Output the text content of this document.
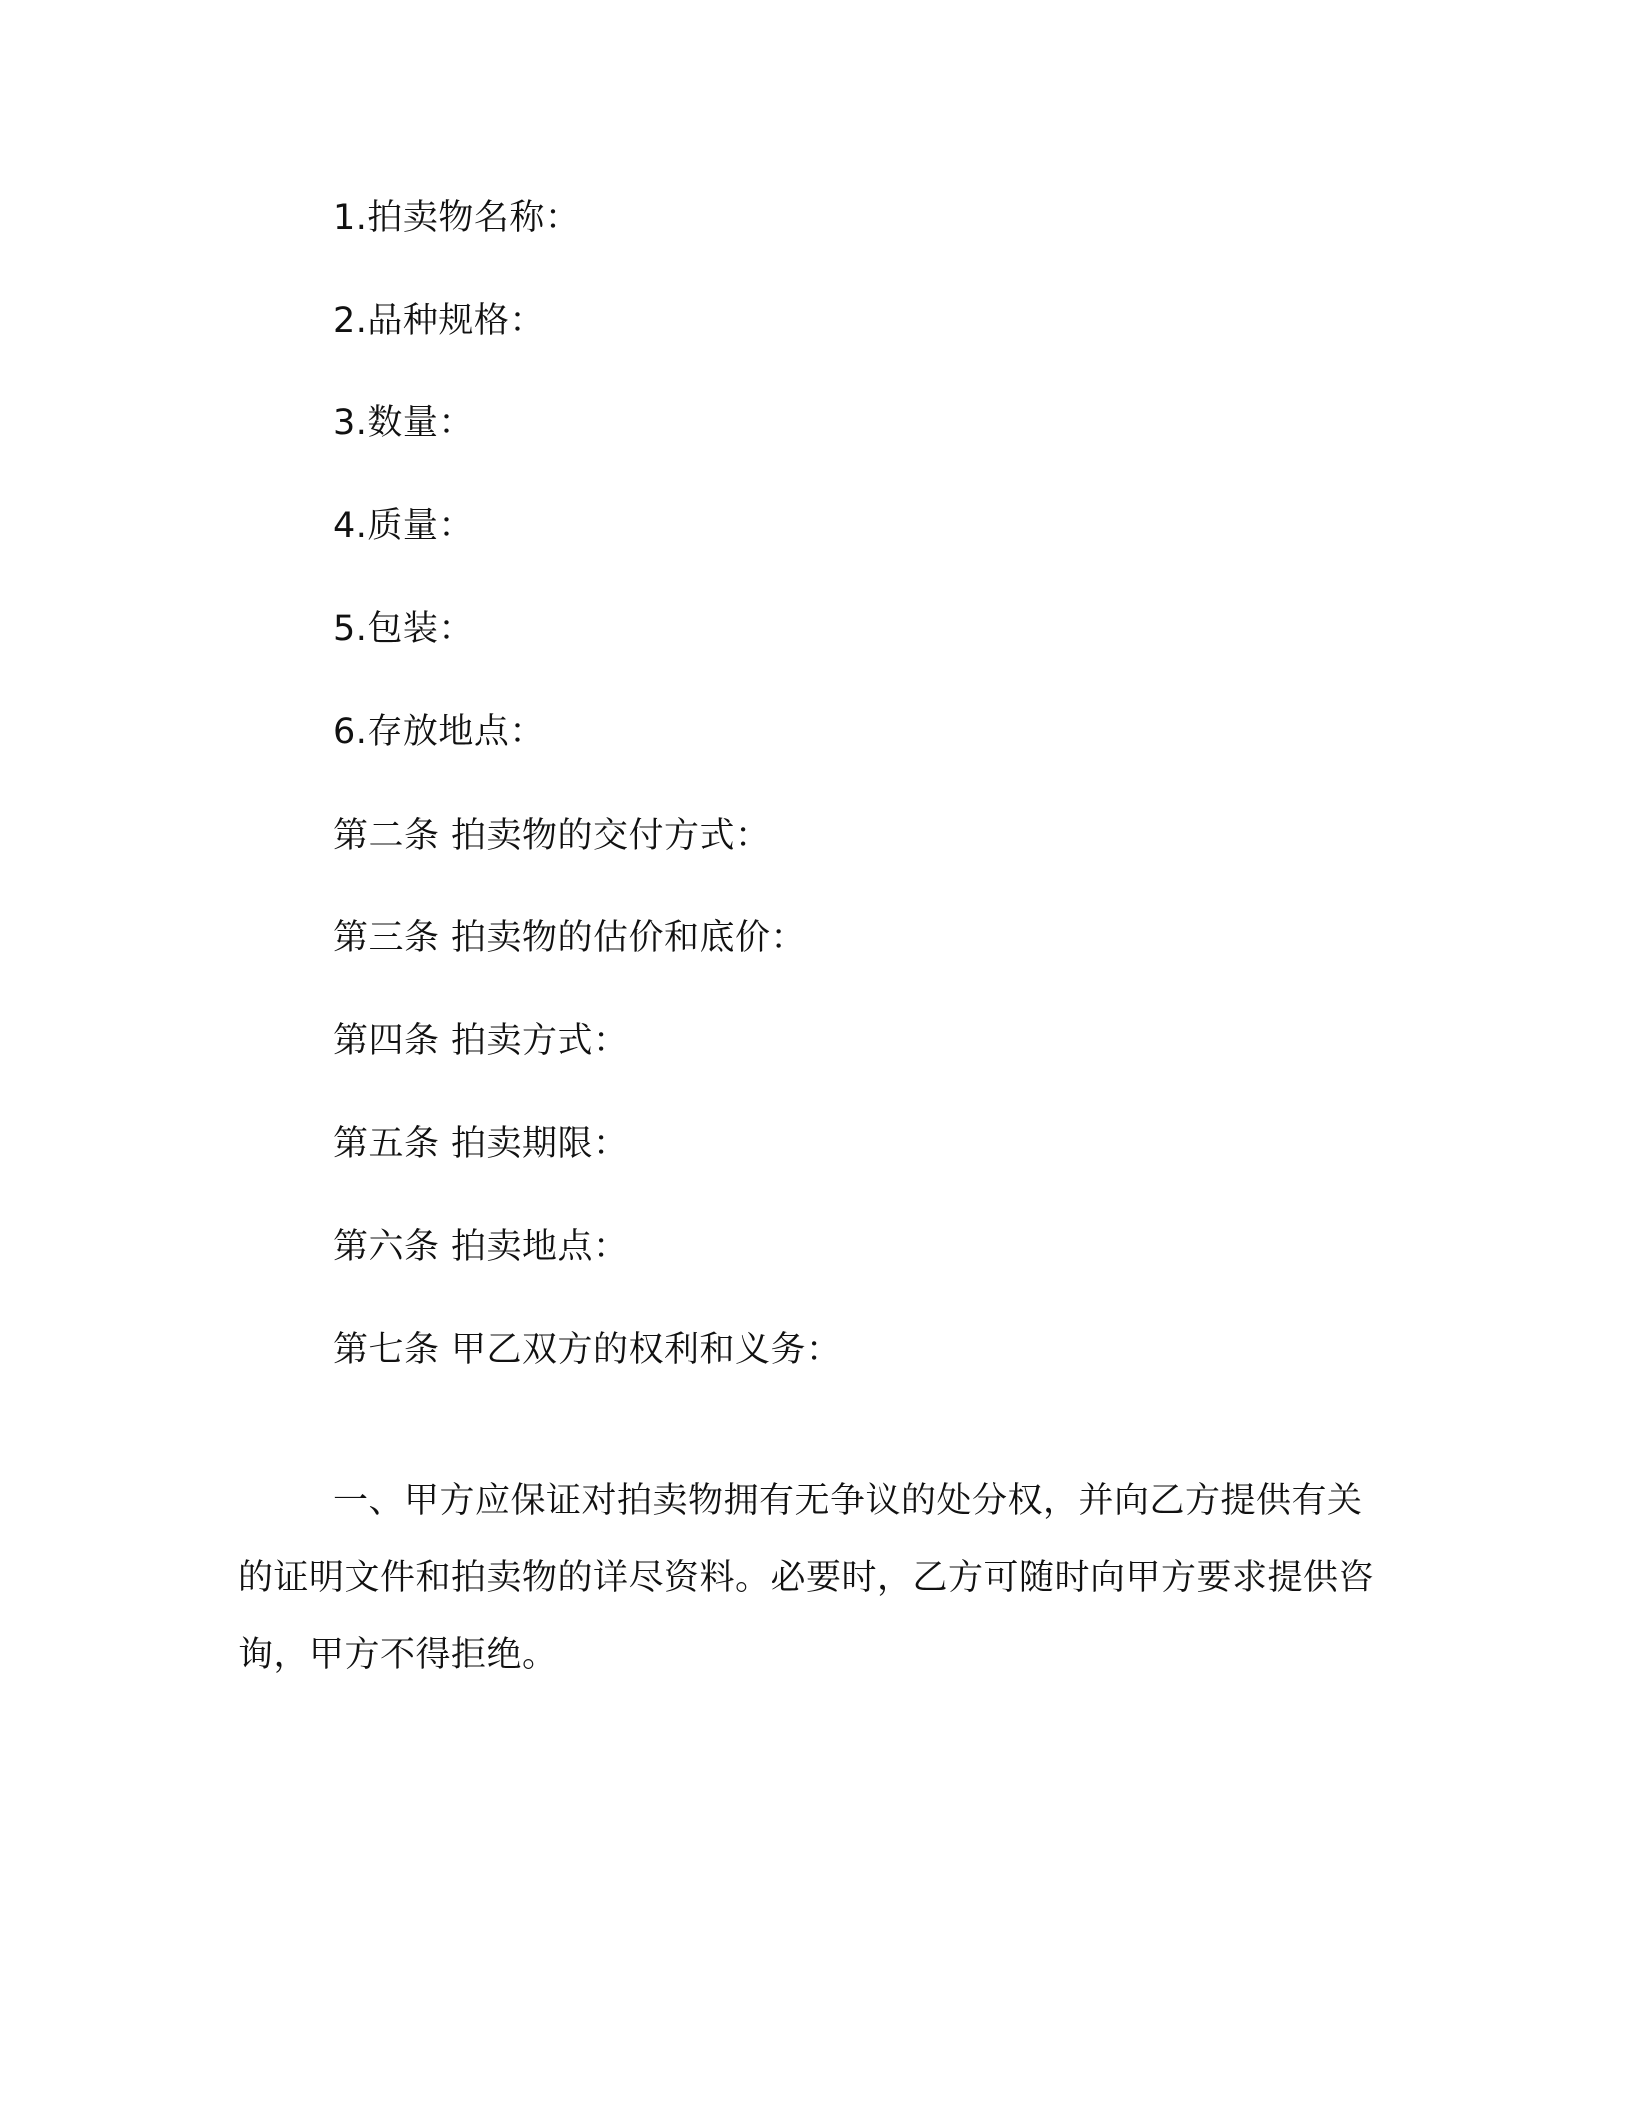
1.拍卖物名称：
2.品种规格：
3.数量：
4.质量：
5.包装：
6.存放地点：
第二条 拍卖物的交付方式：
第三条 拍卖物的估价和底价：
第四条 拍卖方式：
第五条 拍卖期限：
第六条 拍卖地点：
第七条 甲乙双方的权利和义务：

一、甲方应保证对拍卖物拥有无争议的处分权，并向乙方提供有关的证明文件和拍卖物的详尽资料。必要时，乙方可随时向甲方要求提供咨询，甲方不得拒绝。
